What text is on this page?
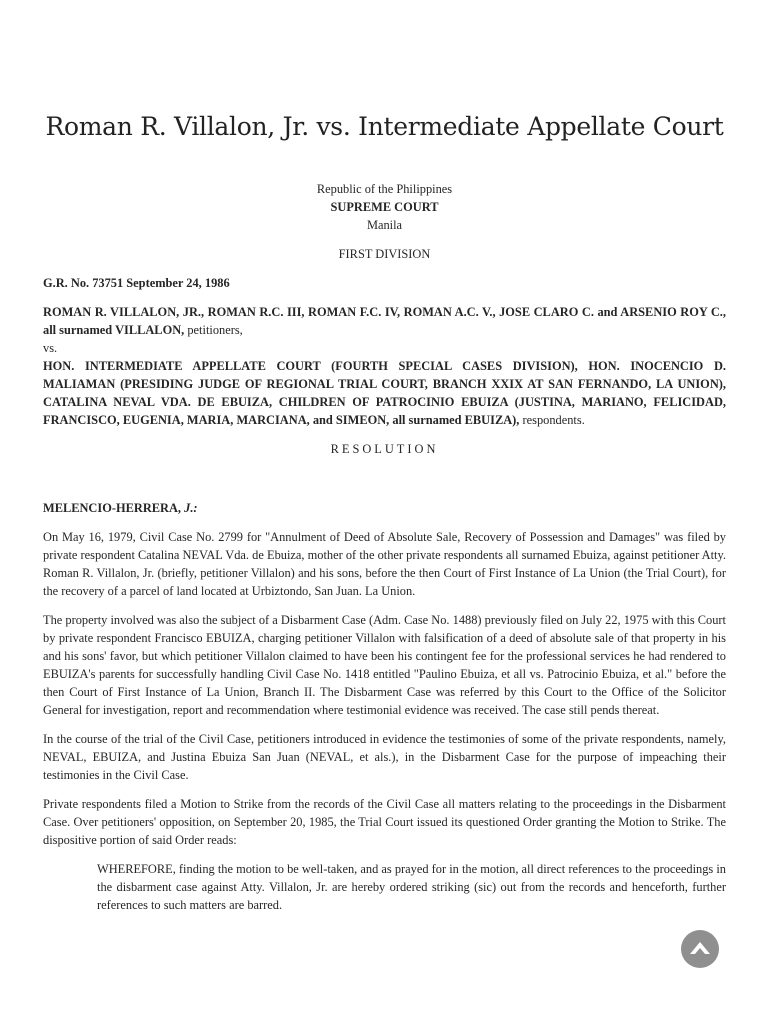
Roman R. Villalon, Jr. vs. Intermediate Appellate Court

Republic of the Philippines

SUPREME COURT

Manila

FIRST DIVISION

G.R. No. 73751 September 24, 1986

ROMAN R. VILLALON, JR., ROMAN R.C. III, ROMAN F.C. IV, ROMAN A.C. V., JOSE CLARO C. and ARSENIO ROY C., all surnamed VILLALON, petitioners,

vs.

HON. INTERMEDIATE APPELLATE COURT (FOURTH SPECIAL CASES DIVISION), HON. INOCENCIO D. MALIAMAN (PRESIDING JUDGE OF REGIONAL TRIAL COURT, BRANCH XXIX AT SAN FERNANDO, LA UNION), CATALINA NEVAL VDA. DE EBUIZA, CHILDREN OF PATROCINIO EBUIZA (JUSTINA, MARIANO, FELICIDAD, FRANCISCO, EUGENIA, MARIA, MARCIANA, and SIMEON, all surnamed EBUIZA), respondents.

RESOLUTION

MELENCIO-HERRERA, J.:

On May 16, 1979, Civil Case No. 2799 for "Annulment of Deed of Absolute Sale, Recovery of Possession and Damages" was filed by private respondent Catalina NEVAL Vda. de Ebuiza, mother of the other private respondents all surnamed Ebuiza, against petitioner Atty. Roman R. Villalon, Jr. (briefly, petitioner Villalon) and his sons, before the then Court of First Instance of La Union (the Trial Court), for the recovery of a parcel of land located at Urbiztondo, San Juan. La Union.

The property involved was also the subject of a Disbarment Case (Adm. Case No. 1488) previously filed on July 22, 1975 with this Court by private respondent Francisco EBUIZA, charging petitioner Villalon with falsification of a deed of absolute sale of that property in his and his sons' favor, but which petitioner Villalon claimed to have been his contingent fee for the professional services he had rendered to EBUIZA's parents for successfully handling Civil Case No. 1418 entitled "Paulino Ebuiza, et all vs. Patrocinio Ebuiza, et al." before the then Court of First Instance of La Union, Branch II. The Disbarment Case was referred by this Court to the Office of the Solicitor General for investigation, report and recommendation where testimonial evidence was received. The case still pends thereat.

In the course of the trial of the Civil Case, petitioners introduced in evidence the testimonies of some of the private respondents, namely, NEVAL, EBUIZA, and Justina Ebuiza San Juan (NEVAL, et als.), in the Disbarment Case for the purpose of impeaching their testimonies in the Civil Case.

Private respondents filed a Motion to Strike from the records of the Civil Case all matters relating to the proceedings in the Disbarment Case. Over petitioners' opposition, on September 20, 1985, the Trial Court issued its questioned Order granting the Motion to Strike. The dispositive portion of said Order reads:

WHEREFORE, finding the motion to be well-taken, and as prayed for in the motion, all direct references to the proceedings in the disbarment case against Atty. Villalon, Jr. are hereby ordered striking (sic) out from the records and henceforth, further references to such matters are barred.
